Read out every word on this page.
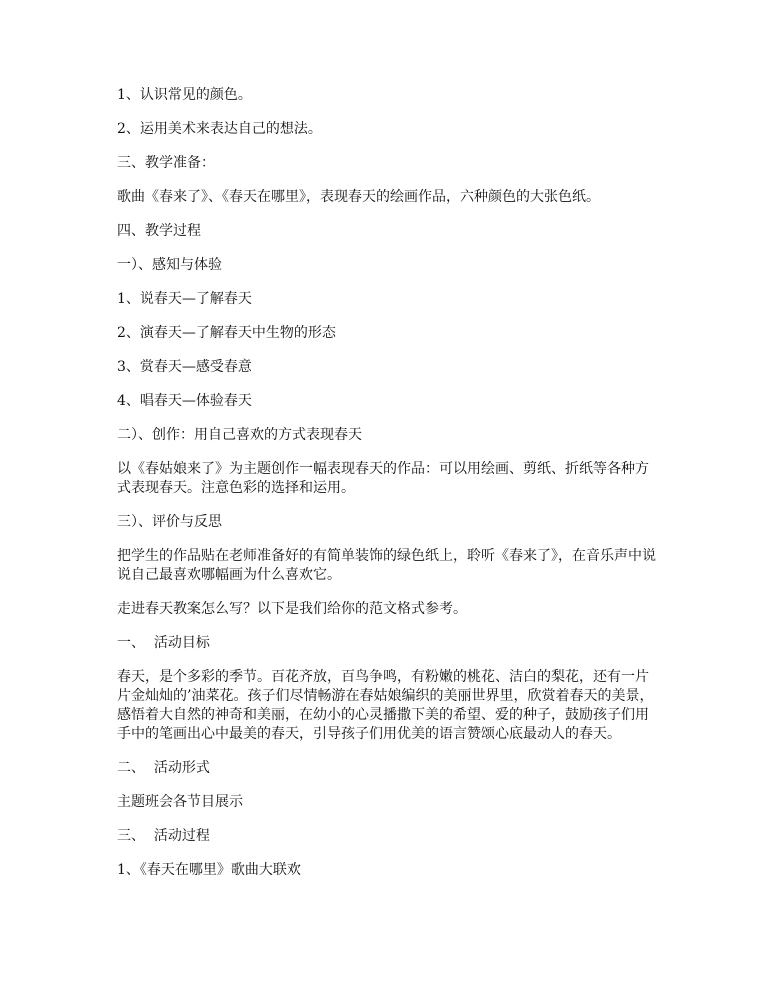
1、认识常见的颜色。

2、运用美术来表达自己的想法。

三、教学准备：

歌曲《春来了》、《春天在哪里》，表现春天的绘画作品，六种颜色的大张色纸。

四、教学过程

一）、感知与体验

1、说春天—了解春天

2、演春天—了解春天中生物的形态

3、赏春天—感受春意

4、唱春天—体验春天

二）、创作：用自己喜欢的方式表现春天

以《春姑娘来了》为主题创作一幅表现春天的作品：可以用绘画、剪纸、折纸等各种方式表现春天。注意色彩的选择和运用。

三）、评价与反思

把学生的作品贴在老师准备好的有简单装饰的绿色纸上，聆听《春来了》，在音乐声中说说自己最喜欢哪幅画为什么喜欢它。

走进春天教案怎么写？以下是我们给你的范文格式参考。

一、  活动目标

春天，是个多彩的季节。百花齐放，百鸟争鸣，有粉嫩的桃花、洁白的梨花，还有一片片金灿灿的’油菜花。孩子们尽情畅游在春姑娘编织的美丽世界里，欣赏着春天的美景，感悟着大自然的神奇和美丽，在幼小的心灵播撒下美的希望、爱的种子，鼓励孩子们用手中的笔画出心中最美的春天，引导孩子们用优美的语言赞颂心底最动人的春天。

二、  活动形式

主题班会各节目展示

三、  活动过程

1、《春天在哪里》歌曲大联欢
